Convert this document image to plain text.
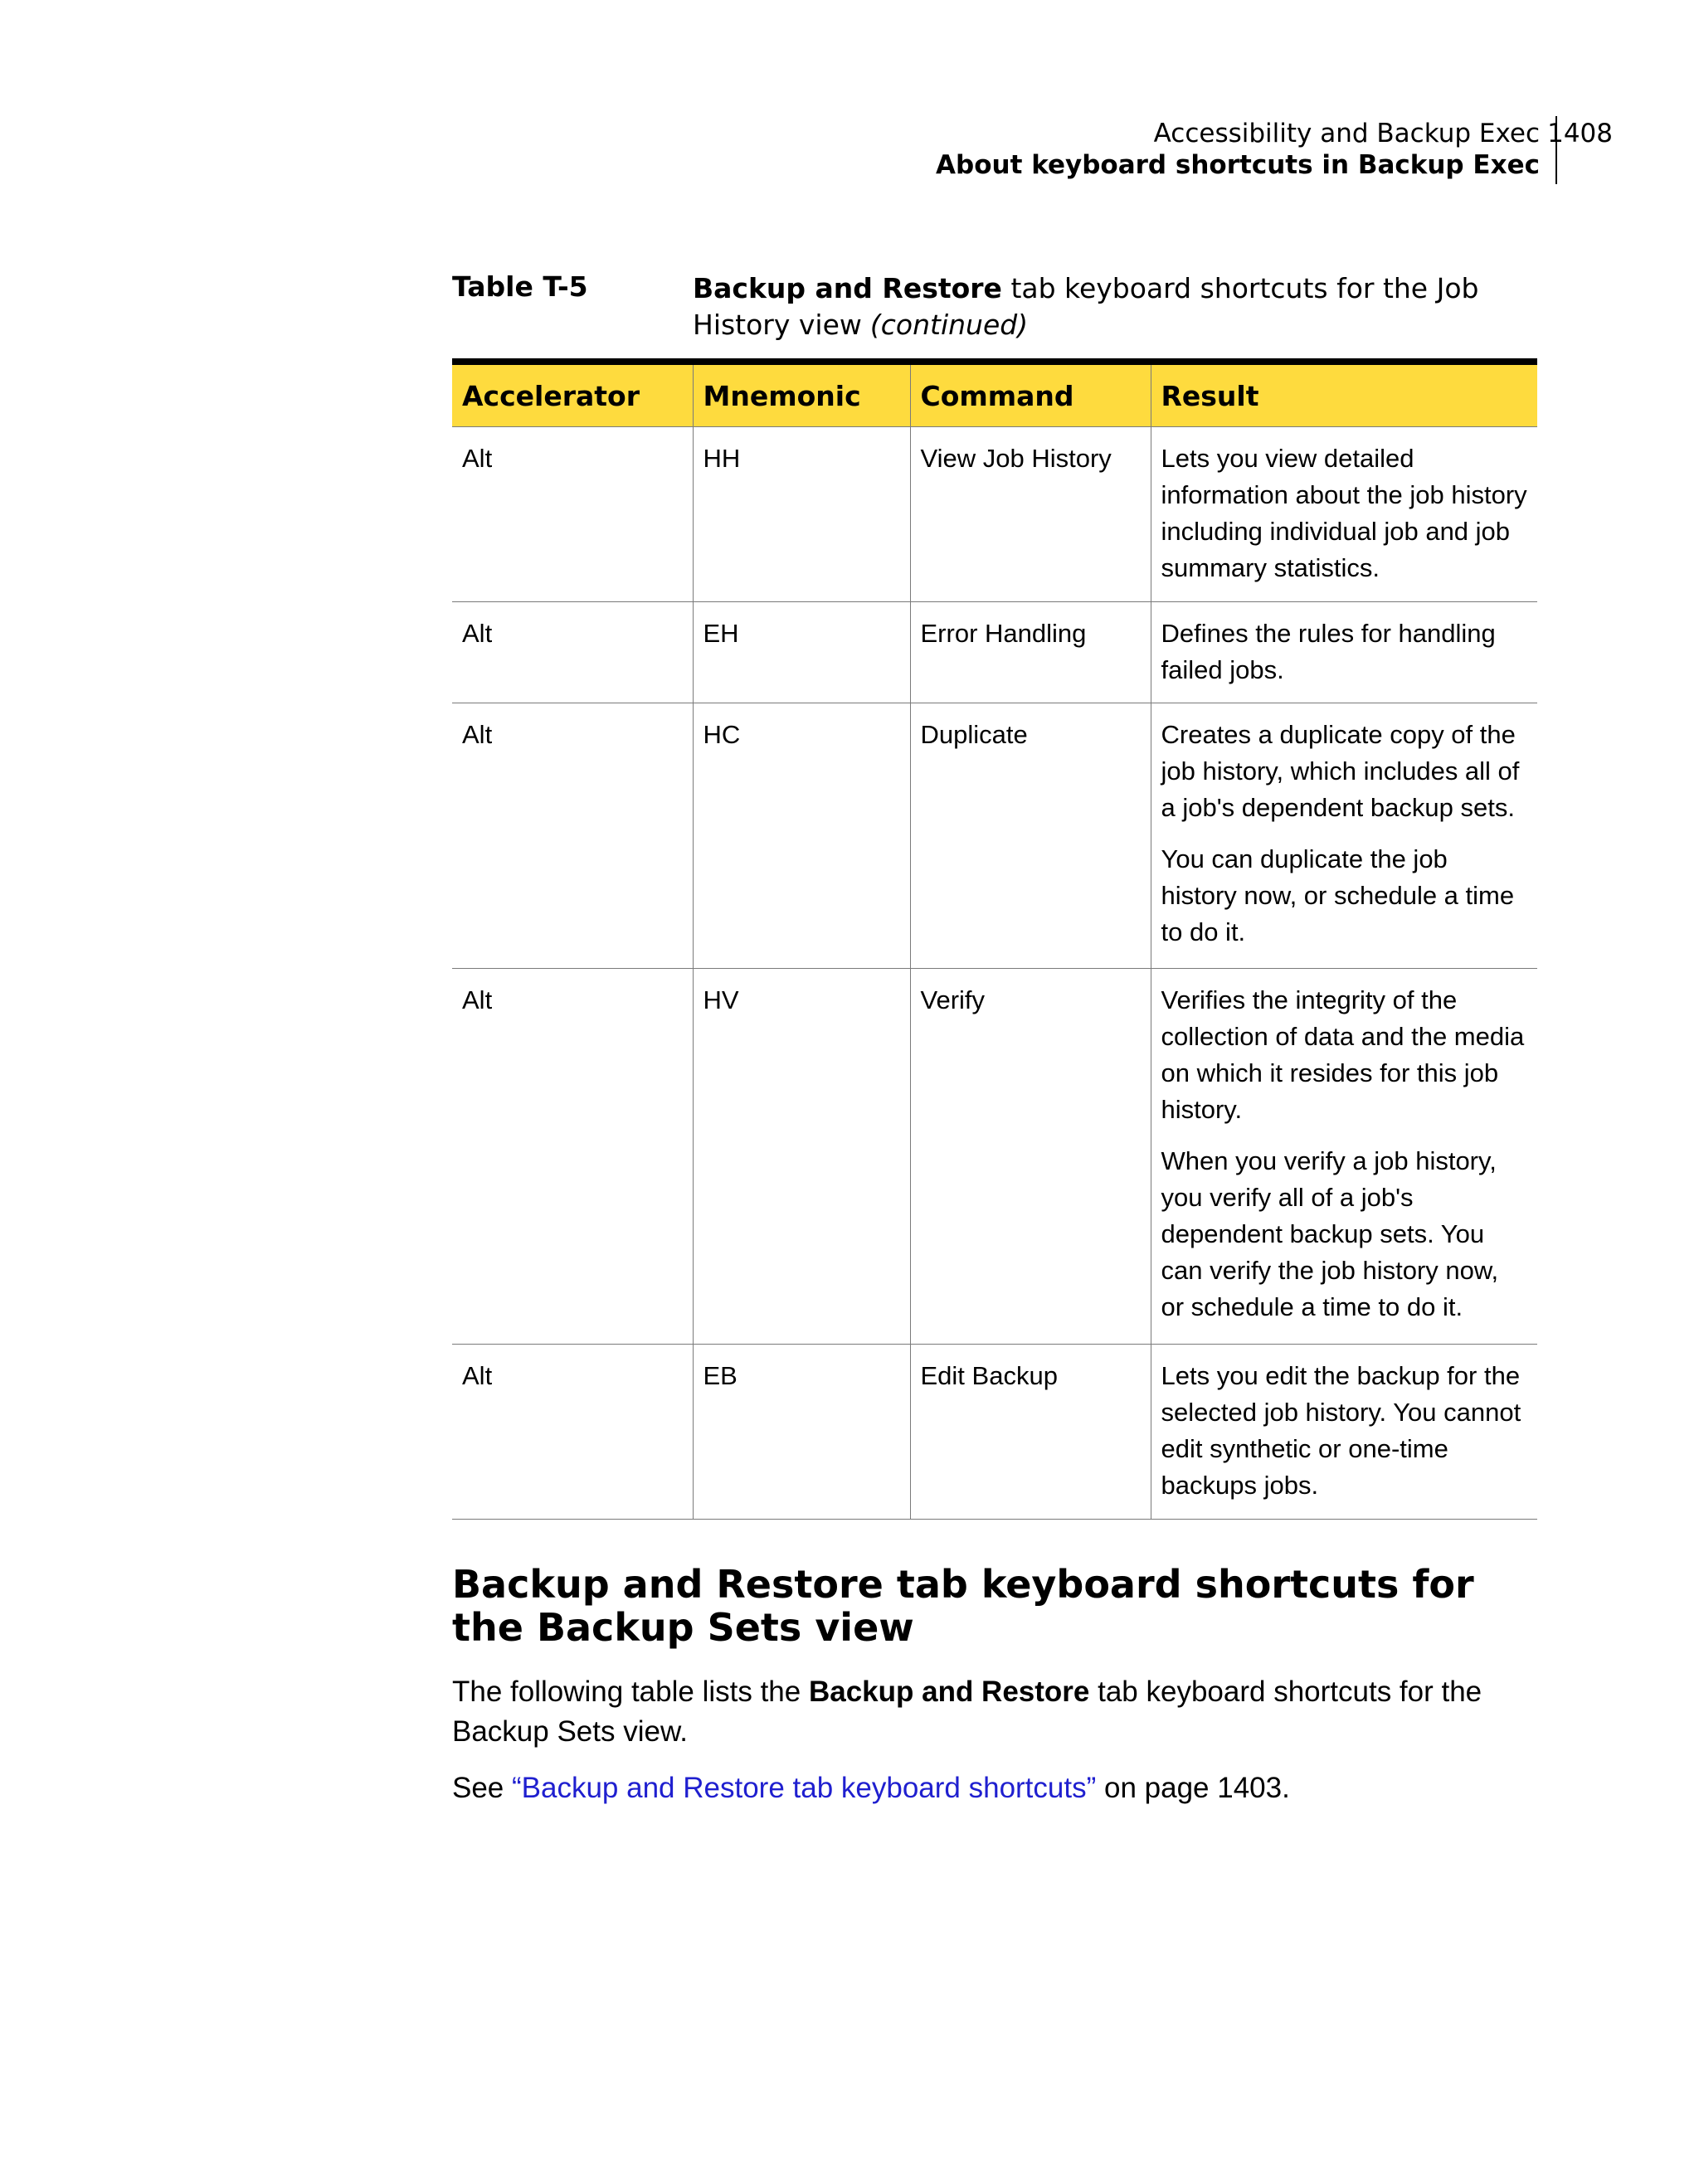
Accessibility and Backup Exec
About keyboard shortcuts in Backup Exec
1408
Table T-5	Backup and Restore tab keyboard shortcuts for the Job History view (continued)
Accelerator	Mnemonic	Command	Result
Alt	HH	View Job History	Lets you view detailed information about the job history including individual job and job summary statistics.

Alt	EH	Error Handling	Defines the rules for handling failed jobs.

Alt	HC	Duplicate	Creates a duplicate copy of the job history, which includes all of a job's dependent backup sets.

You can duplicate the job history now, or schedule a time to do it.

Alt	HV	Verify	Verifies the integrity of the collection of data and the media on which it resides for this job history.

When you verify a job history, you verify all of a job's dependent backup sets. You can verify the job history now, or schedule a time to do it.

Alt	EB	Edit Backup	Lets you edit the backup for the selected job history. You cannot edit synthetic or one-time backups jobs.

Backup and Restore tab keyboard shortcuts for the Backup Sets view

The following table lists the Backup and Restore tab keyboard shortcuts for the Backup Sets view.

See “Backup and Restore tab keyboard shortcuts” on page 1403.
